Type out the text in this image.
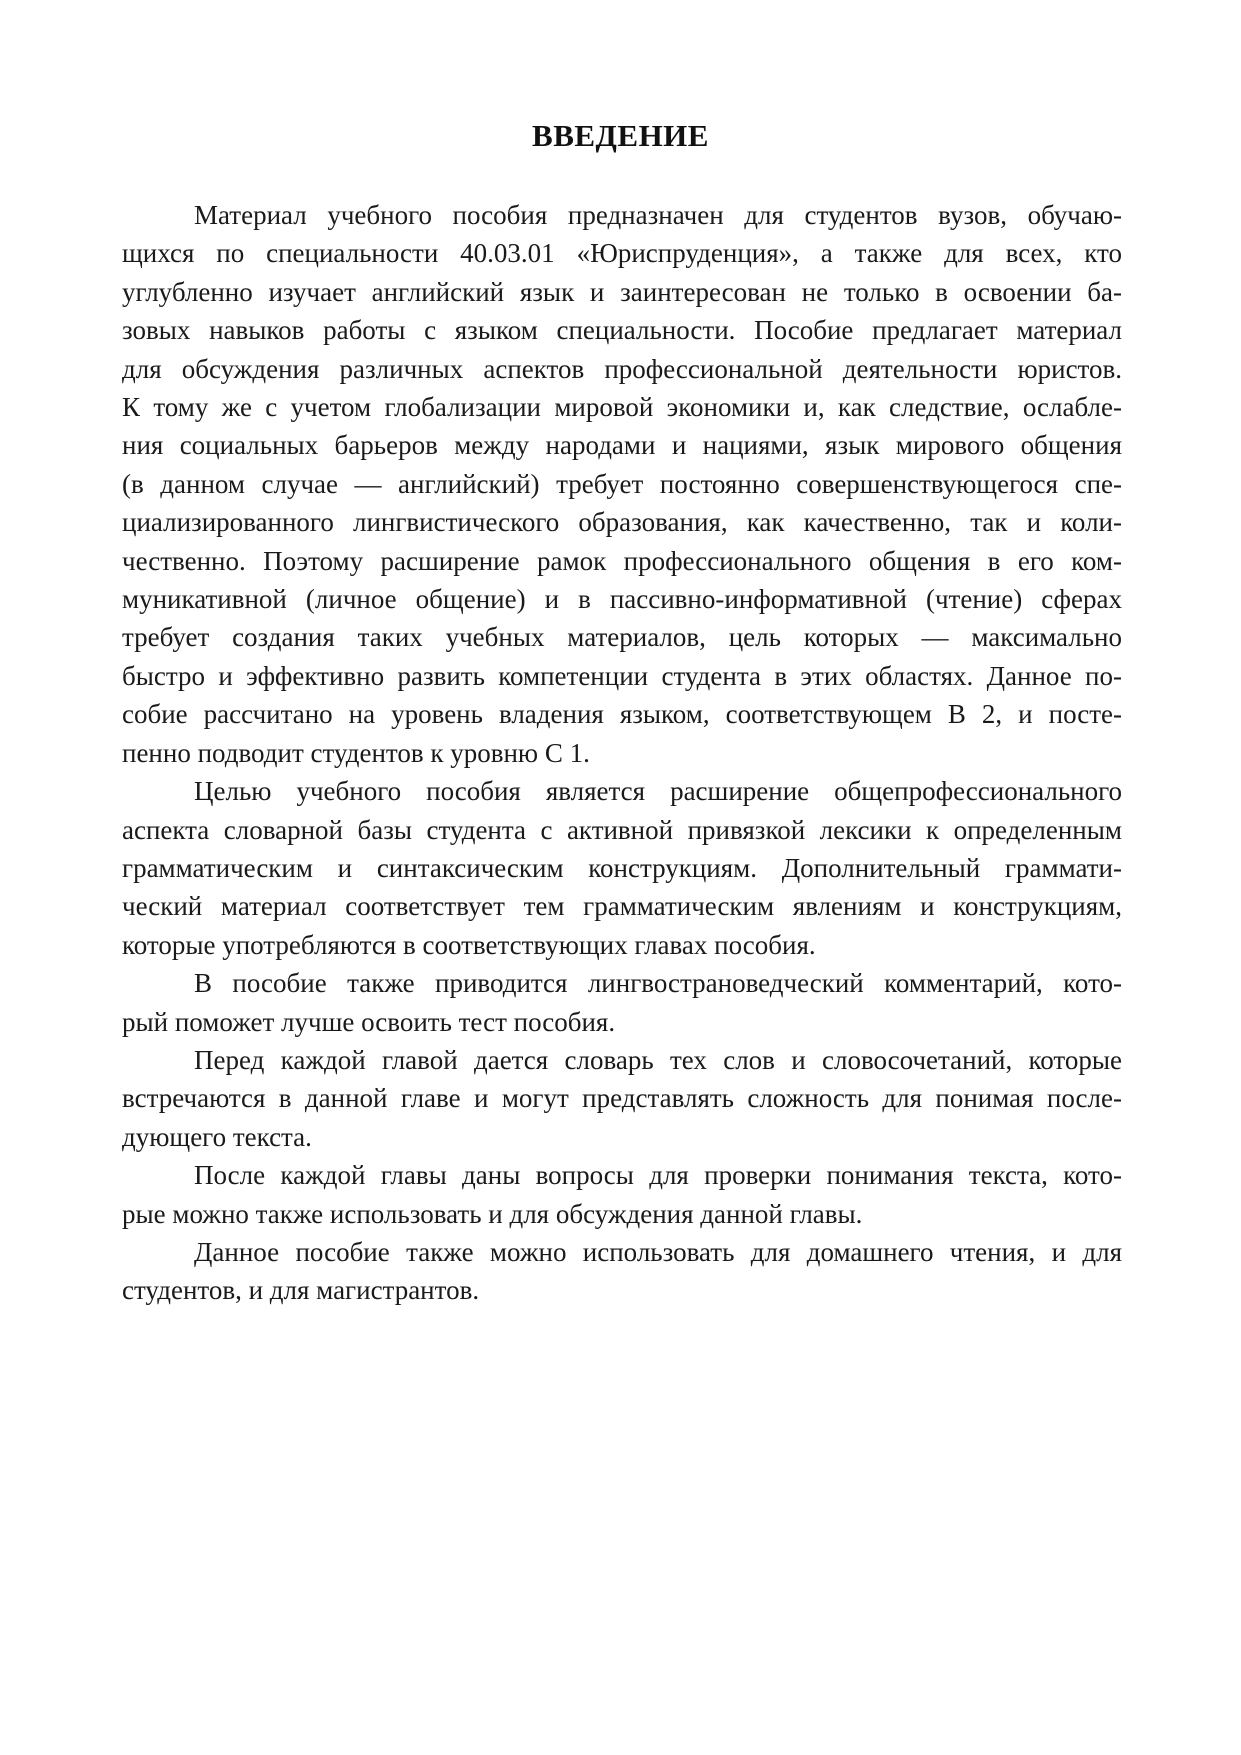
ВВЕДЕНИЕ

Материал учебного пособия предназначен для студентов вузов, обучаю-
щихся по специальности 40.03.01 «Юриспруденция», а также для всех, кто
углубленно изучает английский язык и заинтересован не только в освоении ба-
зовых навыков работы с языком специальности. Пособие предлагает материал
для обсуждения различных аспектов профессиональной деятельности юристов.
К тому же с учетом глобализации мировой экономики и, как следствие, ослабле-
ния социальных барьеров между народами и нациями, язык мирового общения
(в данном случае — английский) требует постоянно совершенствующегося спе-
циализированного лингвистического образования, как качественно, так и коли-
чественно. Поэтому расширение рамок профессионального общения в его ком-
муникативной (личное общение) и в пассивно-информативной (чтение) сферах
требует создания таких учебных материалов, цель которых — максимально
быстро и эффективно развить компетенции студента в этих областях. Данное по-
собие рассчитано на уровень владения языком, соответствующем В 2, и посте-
пенно подводит студентов к уровню С 1.

Целью учебного пособия является расширение общепрофессионального
аспекта словарной базы студента с активной привязкой лексики к определенным
грамматическим и синтаксическим конструкциям. Дополнительный граммати-
ческий материал соответствует тем грамматическим явлениям и конструкциям,
которые употребляются в соответствующих главах пособия.

В пособие также приводится лингвострановедческий комментарий, кото-
рый поможет лучше освоить тест пособия.

Перед каждой главой дается словарь тех слов и словосочетаний, которые
встречаются в данной главе и могут представлять сложность для понимая после-
дующего текста.

После каждой главы даны вопросы для проверки понимания текста, кото-
рые можно также использовать и для обсуждения данной главы.

Данное пособие также можно использовать для домашнего чтения, и для
студентов, и для магистрантов.
